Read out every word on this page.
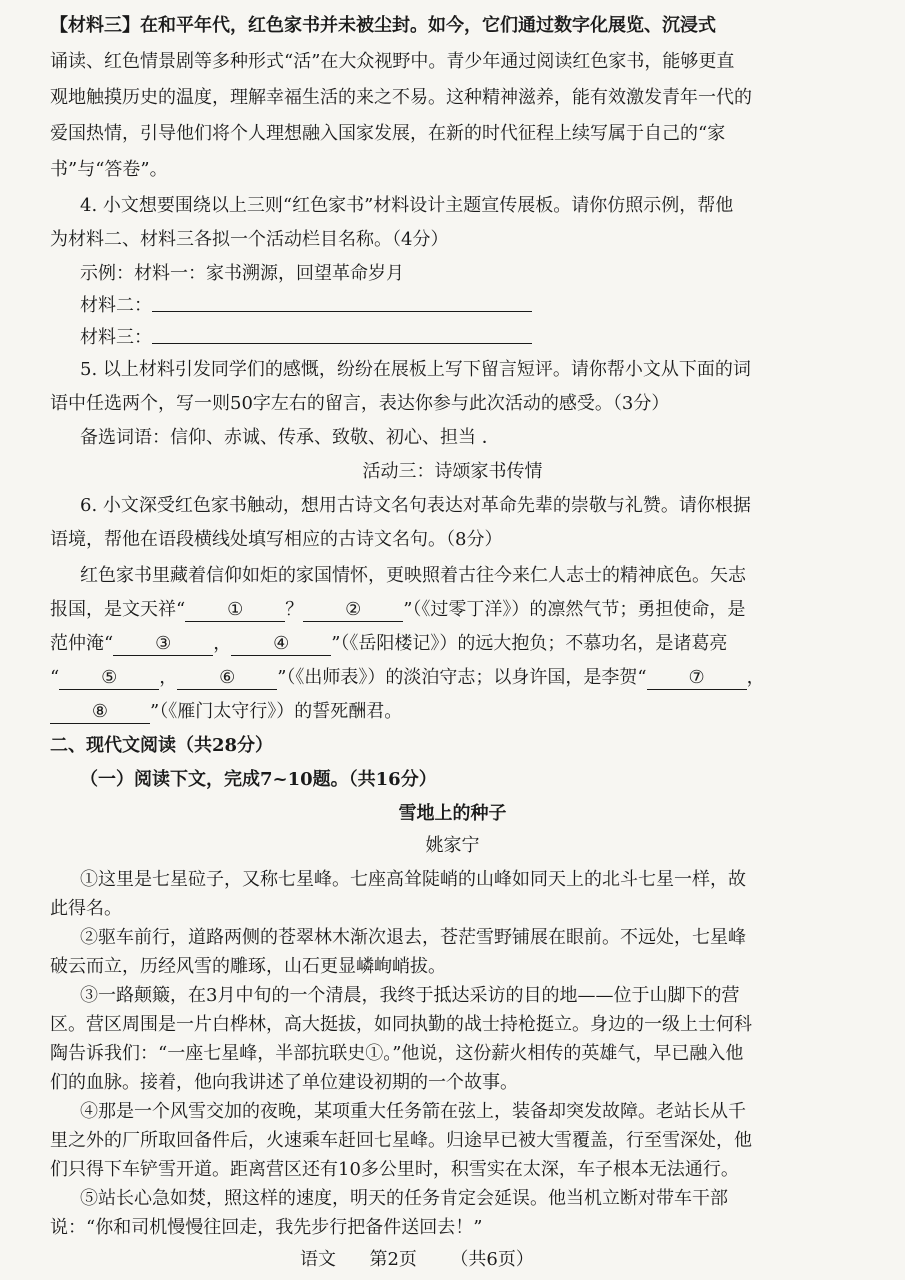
【材料三】在和平年代，红色家书并未被尘封。如今，它们通过数字化展览、沉浸式
诵读、红色情景剧等多种形式“活”在大众视野中。青少年通过阅读红色家书，能够更直
观地触摸历史的温度，理解幸福生活的来之不易。这种精神滋养，能有效激发青年一代的
爱国热情，引导他们将个人理想融入国家发展，在新的时代征程上续写属于自己的“家
书”与“答卷”。
4. 小文想要围绕以上三则“红色家书”材料设计主题宣传展板。请你仿照示例，帮他
为材料二、材料三各拟一个活动栏目名称。（4分）
示例：材料一：家书溯源，回望革命岁月
材料二：
材料三：
5. 以上材料引发同学们的感慨，纷纷在展板上写下留言短评。请你帮小文从下面的词
语中任选两个，写一则50字左右的留言，表达你参与此次活动的感受。（3分）
备选词语：信仰、赤诚、传承、致敬、初心、担当 ．
活动三：诗颂家书传情
6. 小文深受红色家书触动，想用古诗文名句表达对革命先辈的崇敬与礼赞。请你根据
语境，帮他在语段横线处填写相应的古诗文名句。（8分）
红色家书里藏着信仰如炬的家国情怀，更映照着古往今来仁人志士的精神底色。矢志
报国，是文天祥“ ① ？ ② ”（《过零丁洋》）的凛然气节；勇担使命，是
范仲淹“ ③ ， ④ ”（《岳阳楼记》）的远大抱负；不慕功名，是诸葛亮
“ ⑤ ， ⑥ ”（《出师表》）的淡泊守志；以身许国，是李贺“ ⑦ ，
⑧ ”（《雁门太守行》）的誓死酬君。
二、现代文阅读（共28分）
（一）阅读下文，完成7~10题。（共16分）
雪地上的种子
姚家宁
①这里是七星砬子，又称七星峰。七座高耸陡峭的山峰如同天上的北斗七星一样，故
此得名。
②驱车前行，道路两侧的苍翠林木渐次退去，苍茫雪野铺展在眼前。不远处，七星峰
破云而立，历经风雪的雕琢，山石更显嶙峋峭拔。
③一路颠簸，在3月中旬的一个清晨，我终于抵达采访的目的地——位于山脚下的营
区。营区周围是一片白桦林，高大挺拔，如同执勤的战士持枪挺立。身边的一级上士何科
陶告诉我们：“一座七星峰，半部抗联史①。”他说，这份薪火相传的英雄气，早已融入他
们的血脉。接着，他向我讲述了单位建设初期的一个故事。
④那是一个风雪交加的夜晚，某项重大任务箭在弦上，装备却突发故障。老站长从千
里之外的厂所取回备件后，火速乘车赶回七星峰。归途早已被大雪覆盖，行至雪深处，他
们只得下车铲雪开道。距离营区还有10多公里时，积雪实在太深，车子根本无法通行。
语文 第2页 （共6页）
⑤站长心急如焚，照这样的速度，明天的任务肯定会延误。他当机立断对带车干部
说：“你和司机慢慢往回走，我先步行把备件送回去！”
